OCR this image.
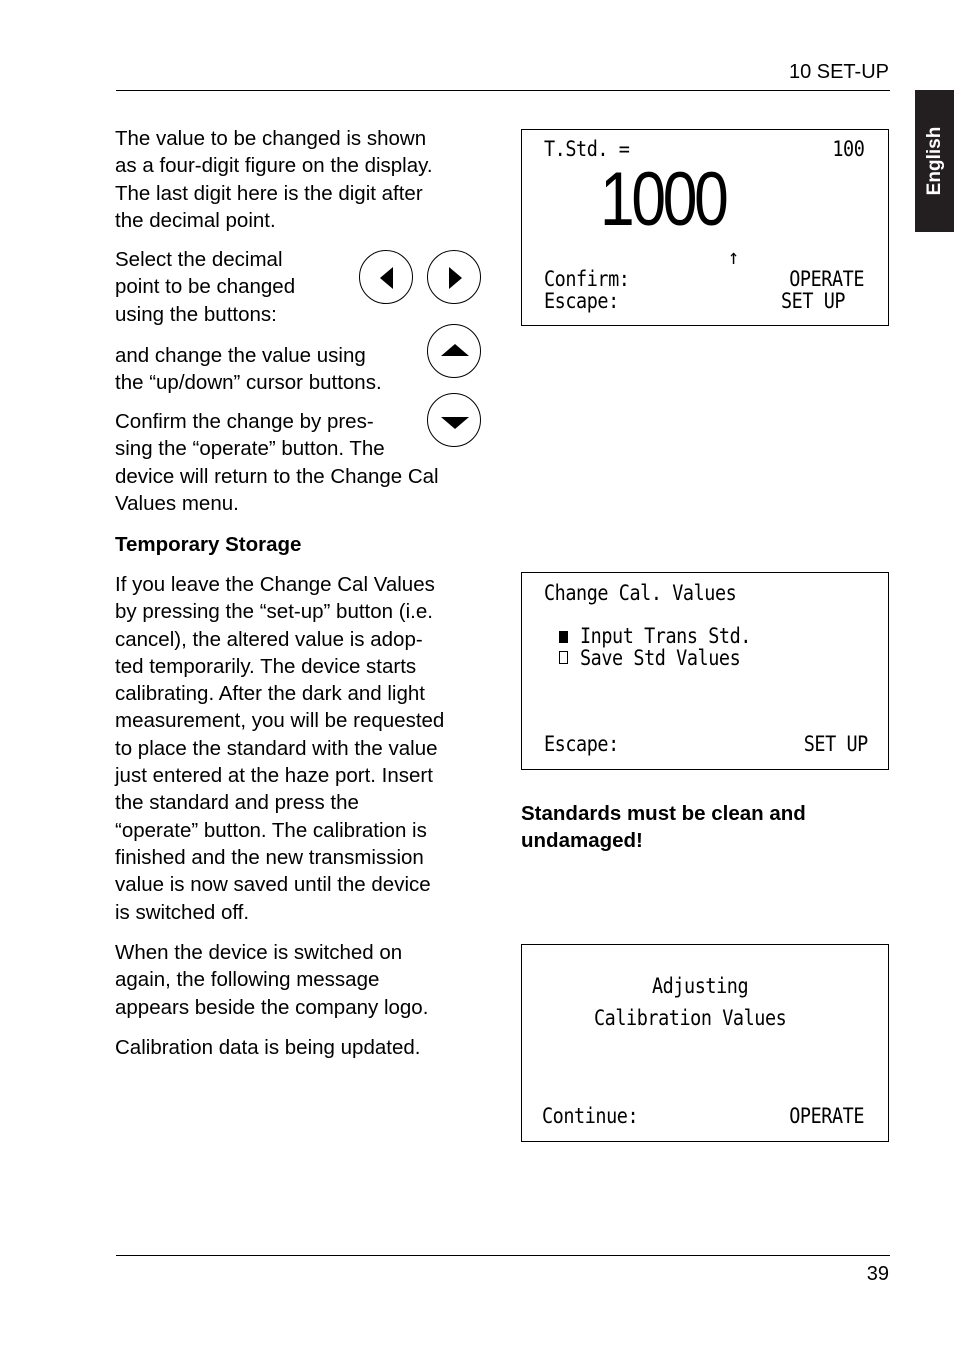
10 SET-UP
English
The value to be changed is shown
as a four-digit figure on the display.
The last digit here is the digit after
the decimal point.
Select the decimal
point to be changed
using the buttons:
and change the value using
the “up/down” cursor buttons.
Confirm the change by pres-
sing the “operate” button. The
device will return to the Change Cal
Values menu.
Temporary Storage
If you leave the Change Cal Values
by pressing the “set-up” button (i.e.
cancel), the altered value is adop-
ted temporarily. The device starts
calibrating. After the dark and light
measurement, you will be requested
to place the standard with the value
just entered at the haze port. Insert
the standard and press the
“operate” button. The calibration is
finished and the new transmission
value is now saved until the device
is switched off.
When the device is switched on
again, the following message
appears beside the company logo.
Calibration data is being updated.
T.Std. =	100
1000
↑
Confirm:	OPERATE
Escape:	SET UP
Change Cal. Values
Input Trans Std.
Save Std Values
Escape:	SET UP
Standards must be clean and
undamaged!
Adjusting
Calibration Values
Continue:	OPERATE
39
